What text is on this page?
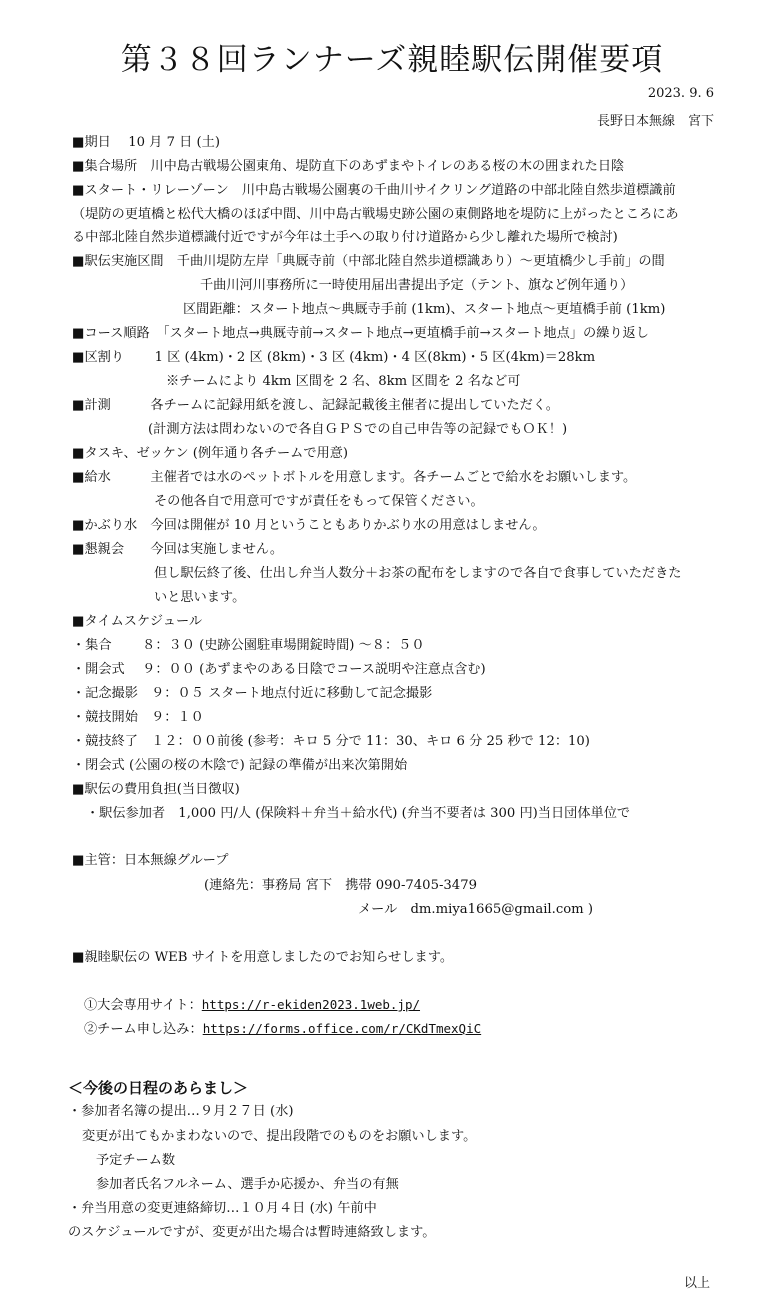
第３８回ランナーズ親睦駅伝開催要項
2023. 9. 6
長野日本無線　宮下
■期日　 10 月 7 日 (土)
■集合場所　川中島古戦場公園東角、堤防直下のあずまやトイレのある桜の木の囲まれた日陰
■スタート・リレーゾーン　川中島古戦場公園裏の千曲川サイクリング道路の中部北陸自然歩道標識前
（堤防の更埴橋と松代大橋のほぼ中間、川中島古戦場史跡公園の東側路地を堤防に上がったところにあ
る中部北陸自然歩道標識付近ですが今年は土手への取り付け道路から少し離れた場所で検討)
■駅伝実施区間　千曲川堤防左岸「典厩寺前（中部北陸自然歩道標識あり）～更埴橋少し手前」の間
千曲川河川事務所に一時使用届出書提出予定（テント、旗など例年通り）
区間距離：スタート地点～典厩寺手前 (1km)、スタート地点～更埴橋手前 (1km)
■コース順路　「スタート地点→典厩寺前→スタート地点→更埴橋手前→スタート地点」の繰り返し
■区割り　　 1 区 (4km)・2 区 (8km)・3 区 (4km)・4 区(8km)・5 区(4km)＝28km
※チームにより 4km 区間を 2 名、8km 区間を 2 名など可
■計測　　　各チームに記録用紙を渡し、記録記載後主催者に提出していただく。
(計測方法は問わないので各自ＧＰＳでの自己申告等の記録でもＯＫ！)
■タスキ、ゼッケン (例年通り各チームで用意)
■給水　　　主催者では水のペットボトルを用意します。各チームごとで給水をお願いします。
その他各自で用意可ですが責任をもって保管ください。
■かぶり水　今回は開催が 10 月ということもありかぶり水の用意はしません。
■懇親会　　今回は実施しません。
但し駅伝終了後、仕出し弁当人数分＋お茶の配布をしますので各自で食事していただきた
いと思います。
■タイムスケジュール
・集合　　 ８：３０ (史跡公園駐車場開錠時間) ～８：５０
・開会式　 ９：００ (あずまやのある日陰でコース説明や注意点含む)
・記念撮影　９：０５ スタート地点付近に移動して記念撮影
・競技開始　９：１０
・競技終了　１２：００前後 (参考：キロ 5 分で 11：30、キロ 6 分 25 秒で 12：10)
・閉会式 (公園の桜の木陰で) 記録の準備が出来次第開始
■駅伝の費用負担(当日徴収)
・駅伝参加者　1,000 円/人 (保険料＋弁当＋給水代) (弁当不要者は 300 円)当日団体単位で
■主管：日本無線グループ
(連絡先：事務局 宮下　携帯 090-7405-3479
メール　dm.miya1665@gmail.com )
■親睦駅伝の WEB サイトを用意しましたのでお知らせします。
①大会専用サイト：https://r-ekiden2023.1web.jp/
②チーム申し込み：https://forms.office.com/r/CKdTmexQiC
＜今後の日程のあらまし＞
・参加者名簿の提出…９月２７日 (水)
変更が出てもかまわないので、提出段階でのものをお願いします。
予定チーム数
参加者氏名フルネーム、選手か応援か、弁当の有無
・弁当用意の変更連絡締切…１０月４日 (水) 午前中
のスケジュールですが、変更が出た場合は暫時連絡致します。
以上
